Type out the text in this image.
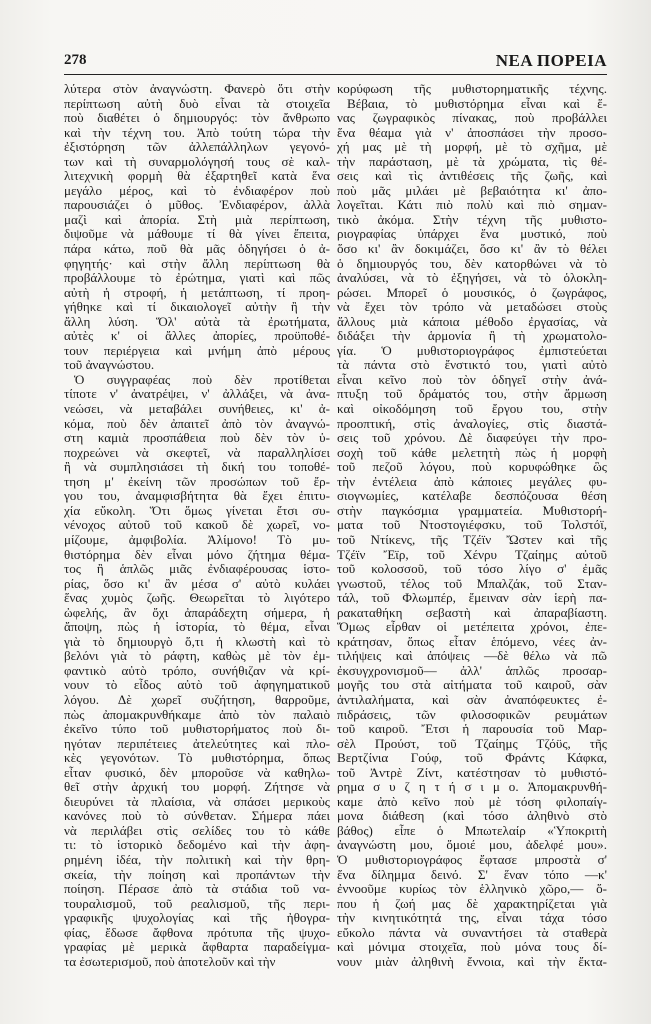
278	ΝΕΑ ΠΟΡΕΙΑ
λύτερα στὸν ἀναγνώστη. Φανερὸ ὅτι στὴν
περίπτωση αὐτὴ δυὸ εἶναι τὰ στοιχεῖα
ποὺ διαθέτει ὁ δημιουργός: τὸν ἄνθρωπο
καὶ τὴν τέχνη του. Ἀπὸ τούτη τώρα τὴν
ἐξιστόρηση τῶν ἀλλεπάλληλων γεγονό-
των καὶ τὴ συναρμολόγησή τους σὲ καλ-
λιτεχνικὴ φορμὴ θὰ ἐξαρτηθεῖ κατὰ ἕνα
μεγάλο μέρος, καὶ τὸ ἐνδιαφέρον ποὺ
παρουσιάζει ὁ μῦθος. Ἐνδιαφέρον, ἀλλὰ
μαζὶ καὶ ἀπορία. Στὴ μιὰ περίπτωση,
διψοῦμε νὰ μάθουμε τί θὰ γίνει ἔπειτα,
πάρα κάτω, ποῦ θὰ μᾶς ὁδηγήσει ὁ ἀ-
φηγητής· καὶ στὴν ἄλλη περίπτωση θὰ
προβάλλουμε τὸ ἐρώτημα, γιατὶ καὶ πῶς
αὐτὴ ἡ στροφή, ἡ μετάπτωση, τί προη-
γήθηκε καὶ τί δικαιολογεῖ αὐτὴν ἢ τὴν
ἄλλη λύση. Ὅλ' αὐτὰ τὰ ἐρωτήματα,
αὐτὲς κ' οἱ ἄλλες ἀπορίες, προϋποθέ-
τουν περιέργεια καὶ μνήμη ἀπὸ μέρους
τοῦ ἀναγνώστου.
Ὁ συγγραφέας ποὺ δὲν προτίθεται
τίποτε ν' ἀνατρέψει, ν' ἀλλάξει, νὰ ἀνα-
νεώσει, νὰ μεταβάλει συνήθειες, κι' ἀ-
κόμα, ποὺ δὲν ἀπαιτεῖ ἀπὸ τὸν ἀναγνώ-
στη καμιὰ προσπάθεια ποὺ δὲν τὸν ὑ-
ποχρεώνει νὰ σκεφτεῖ, νὰ παραλληλίσει
ἢ νὰ συμπλησιάσει τὴ δική του τοποθέ-
τηση μ' ἐκείνη τῶν προσώπων τοῦ ἔρ-
γου του, ἀναμφισβήτητα θὰ ἔχει ἐπιτυ-
χία εὔκολη. Ὅτι ὅμως γίνεται ἔτσι συ-
νένοχος αὐτοῦ τοῦ κακοῦ δὲ χωρεῖ, νο-
μίζουμε, ἀμφιβολία. Ἀλίμονο! Τὸ μυ-
θιστόρημα δὲν εἶναι μόνο ζήτημα θέμα-
τος ἢ ἁπλῶς μιᾶς ἐνδιαφέρουσας ἱστο-
ρίας, ὅσο κι' ἂν μέσα σ' αὐτὸ κυλάει
ἕνας χυμὸς ζωῆς. Θεωρεῖται τὸ λιγότερο
ὠφελής, ἂν ὄχι ἀπαράδεχτη σήμερα, ἡ
ἄποψη, πὼς ἡ ἱστορία, τὸ θέμα, εἶναι
γιὰ τὸ δημιουργὸ ὅ,τι ἡ κλωστὴ καὶ τὸ
βελόνι γιὰ τὸ ράφτη, καθὼς μὲ τὸν ἐμ-
φαντικὸ αὐτὸ τρόπο, συνήθιζαν νὰ κρί-
νουν τὸ εἶδος αὐτὸ τοῦ ἀφηγηματικοῦ
λόγου. Δὲ χωρεῖ συζήτηση, θαρροῦμε,
πὼς ἀπομακρυνθήκαμε ἀπὸ τὸν παλαιὸ
ἐκεῖνο τύπο τοῦ μυθιστορήματος ποὺ δι-
ηγόταν περιπέτειες ἀτελεύτητες καὶ πλο-
κὲς γεγονότων. Τὸ μυθιστόρημα, ὅπως
εἶταν φυσικό, δὲν μποροῦσε νὰ καθηλω-
θεῖ στὴν ἀρχική του μορφή. Ζήτησε νὰ
διευρύνει τὰ πλαίσια, νὰ σπάσει μερικοὺς
κανόνες ποὺ τὸ σύνθεταν. Σήμερα πάει
νὰ περιλάβει στὶς σελίδες του τὸ κάθε
τι: τὸ ἱστορικὸ δεδομένο καὶ τὴν ἀφη-
ρημένη ἰδέα, τὴν πολιτικὴ καὶ τὴν θρη-
σκεία, τὴν ποίηση καὶ προπάντων τὴν
ποίηση. Πέρασε ἀπὸ τὰ στάδια τοῦ να-
τουραλισμοῦ, τοῦ ρεαλισμοῦ, τῆς περι-
γραφικῆς ψυχολογίας καὶ τῆς ἠθογρα-
φίας, ἔδωσε ἄφθονα πρότυπα τῆς ψυχο-
γραφίας μὲ μερικὰ ἄφθαρτα παραδείγμα-
τα ἐσωτερισμοῦ, ποὺ ἀποτελοῦν καὶ τὴν
κορύφωση τῆς μυθιστορηματικῆς τέχνης.
Βέβαια, τὸ μυθιστόρημα εἶναι καὶ ἕ-
νας ζωγραφικὸς πίνακας, ποὺ προβάλλει
ἕνα θέαμα γιὰ ν' ἀποσπάσει τὴν προσο-
χή μας μὲ τὴ μορφή, μὲ τὸ σχῆμα, μὲ
τὴν παράσταση, μὲ τὰ χρώματα, τὶς θέ-
σεις καὶ τὶς ἀντιθέσεις τῆς ζωῆς, καὶ
ποὺ μᾶς μιλάει μὲ βεβαιότητα κι' ἀπο-
λογεῖται. Κάτι πιὸ πολὺ καὶ πιὸ σημαν-
τικὸ ἀκόμα. Στὴν τέχνη τῆς μυθιστο-
ριογραφίας ὑπάρχει ἕνα μυστικό, ποὺ
ὅσο κι' ἂν δοκιμάζει, ὅσο κι' ἂν τὸ θέλει
ὁ δημιουργός του, δὲν κατορθώνει νὰ τὸ
ἀναλύσει, νὰ τὸ ἐξηγήσει, νὰ τὸ ὁλοκλη-
ρώσει. Μπορεῖ ὁ μουσικός, ὁ ζωγράφος,
νὰ ἔχει τὸν τρόπο νὰ μεταδώσει στοὺς
ἄλλους μιὰ κάποια μέθοδο ἐργασίας, νὰ
διδάξει τὴν ἁρμονία ἢ τὴ χρωματολο-
γία. Ὁ μυθιστοριογράφος ἐμπιστεύεται
τὰ πάντα στὸ ἔνστικτό του, γιατὶ αὐτὸ
εἶναι κεῖνο ποὺ τὸν ὁδηγεῖ στὴν ἀνά-
πτυξη τοῦ δράματός του, στὴν ἅρμωση
καὶ οἰκοδόμηση τοῦ ἔργου του, στὴν
προοπτική, στὶς ἀναλογίες, στὶς διαστά-
σεις τοῦ χρόνου. Δὲ διαφεύγει τὴν προ-
σοχὴ τοῦ κάθε μελετητὴ πὼς ἡ μορφὴ
τοῦ πεζοῦ λόγου, ποὺ κορυφώθηκε ὣς
τὴν ἐντέλεια ἀπὸ κάποιες μεγάλες φυ-
σιογνωμίες, κατέλαβε δεσπόζουσα θέση
στὴν παγκόσμια γραμματεία. Μυθιστορή-
ματα τοῦ Ντοστογιέφσκυ, τοῦ Τολστόϊ,
τοῦ Ντίκενς, τῆς Τζέϊν Ὤστεν καὶ τῆς
Τζέϊν Ἔϊρ, τοῦ Χένρυ Τζαίημς αὐτοῦ
τοῦ κολοσσοῦ, τοῦ τόσο λίγο σ' ἐμᾶς
γνωστοῦ, τέλος τοῦ Μπαλζάκ, τοῦ Σταν-
τάλ, τοῦ Φλωμπέρ, ἔμειναν σὰν ἱερὴ πα-
ρακαταθήκη σεβαστὴ καὶ ἀπαραβίαστη.
Ὅμως εἶρθαν οἱ μετέπειτα χρόνοι, ἐπε-
κράτησαν, ὅπως εἶταν ἑπόμενο, νέες ἀν-
τιλήψεις καὶ ἀπόψεις —δὲ θέλω νὰ πῶ
ἐκσυγχρονισμοῦ— ἀλλ' ἁπλῶς προσαρ-
μογῆς του στὰ αἰτήματα τοῦ καιροῦ, σὰν
ἀντιλαλήματα, καὶ σὰν ἀναπόφευκτες ἐ-
πιδράσεις, τῶν φιλοσοφικῶν ρευμάτων
τοῦ καιροῦ. Ἔτσι ἡ παρουσία τοῦ Μαρ-
σὲλ Προύστ, τοῦ Τζαίημς Τζόϋς, τῆς
Βερτζίνια Γούφ, τοῦ Φράντς Κάφκα,
τοῦ Ἀντρὲ Ζίντ, κατέστησαν τὸ μυθιστό-
ρημα σ υ ζ η τ ή σ ι μ ο. Ἀπομακρυνθή-
καμε ἀπὸ κεῖνο ποὺ μὲ τόση φιλοπαίγ-
μονα διάθεση (καὶ τόσο ἀληθινὸ στὸ
βάθος) εἶπε ὁ Μπωτελαίρ «Ὑποκριτὴ
ἀναγνώστη μου, ὅμοιέ μου, ἀδελφέ μου».
Ὁ μυθιστοριογράφος ἔφτασε μπροστὰ σ'
ἕνα δίλημμα δεινό. Σ' ἕναν τόπο —κ'
ἐννοοῦμε κυρίως τὸν ἑλληνικὸ χῶρο,— ὅ-
που ἡ ζωή μας δὲ χαρακτηρίζεται γιὰ
τὴν κινητικότητά της, εἶναι τάχα τόσο
εὔκολο πάντα νὰ συναντήσει τὰ σταθερὰ
καὶ μόνιμα στοιχεῖα, ποὺ μόνα τους δί-
νουν μιὰν ἀληθινὴ ἔννοια, καὶ τὴν ἔκτα-
